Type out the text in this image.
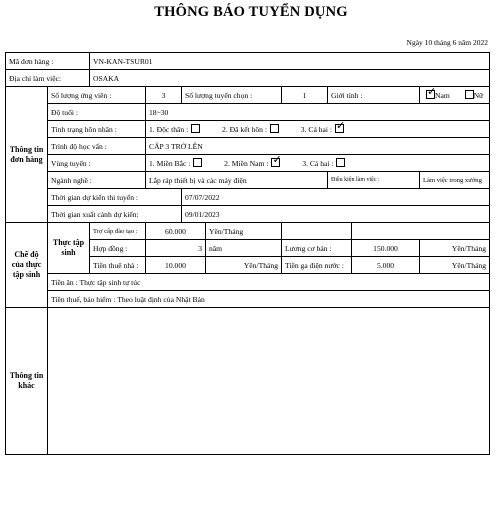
THÔNG BÁO TUYỂN DỤNG
Ngày 10 tháng 6 năm 2022
Mã đơn hàng :		VN-KAN-TSUR01							
Địa chỉ làm việc:		OSAKA							
Thông tin đơn hàng	Số lượng ứng viên :		3	Số lượng tuyển chọn :		1	Giới tính :	✓Nam Nữ
	Độ tuổi :		18~30						
	Tình trạng hôn nhân :		1. Độc thân : 2. Đã kết hôn : 3. Cả hai :✓
	Trình độ học vấn :		CẤP 3 TRỞ LÊN						
	Vùng tuyển :		1. Miền Bắc : 2. Miền Nam : ✓ 3. Cả hai :
	Ngành nghề :		Lắp ráp thiết bị và các máy điện				Điều kiện làm việc :		Làm việc trong xưởng
	Thời gian dự kiến thi tuyển :			07/07/2022					
	Thời gian xuất cảnh dự kiến:			09/01/2023					
Chế độ của thực tập sinh	Thực tập sinh	Trợ cấp đào tạo :	60.000		Yên/Tháng				
		Hợp đồng :	3		năm	Lương cơ bản :		150.000	Yên/Tháng
		Tiền thuê nhà :	10.000		Yên/Tháng	Tiền ga điện nước :		5.000	Yên/Tháng
	Tiền ăn : Thực tập sinh tự túc								
	Tiền thuế, bảo hiểm : Theo luật định của Nhật Bản								
Thông tin khác									
